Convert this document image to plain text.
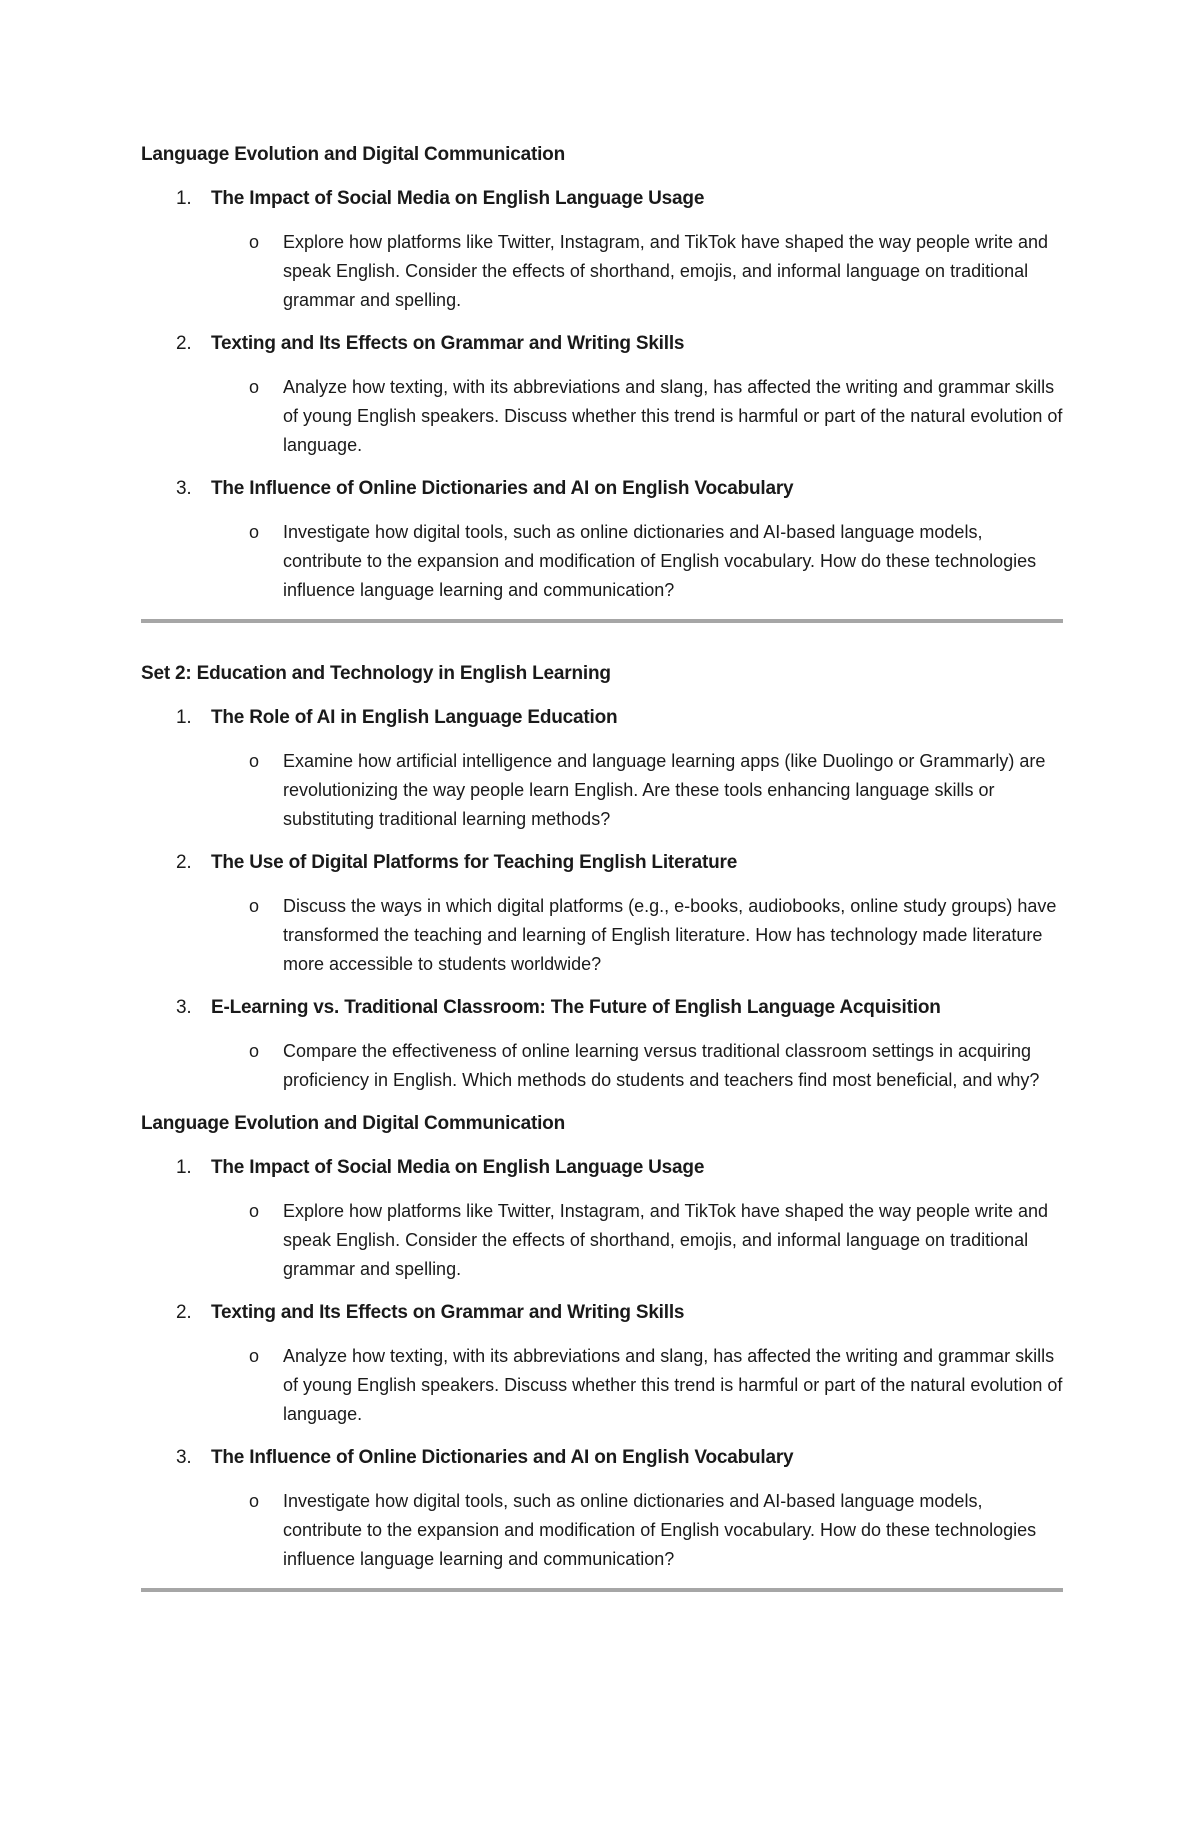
Language Evolution and Digital Communication
1.	The Impact of Social Media on English Language Usage
o	Explore how platforms like Twitter, Instagram, and TikTok have shaped the way people write and speak English. Consider the effects of shorthand, emojis, and informal language on traditional grammar and spelling.
2.	Texting and Its Effects on Grammar and Writing Skills
o	Analyze how texting, with its abbreviations and slang, has affected the writing and grammar skills of young English speakers. Discuss whether this trend is harmful or part of the natural evolution of language.
3.	The Influence of Online Dictionaries and AI on English Vocabulary
o	Investigate how digital tools, such as online dictionaries and AI-based language models, contribute to the expansion and modification of English vocabulary. How do these technologies influence language learning and communication?
Set 2: Education and Technology in English Learning
1.	The Role of AI in English Language Education
o	Examine how artificial intelligence and language learning apps (like Duolingo or Grammarly) are revolutionizing the way people learn English. Are these tools enhancing language skills or substituting traditional learning methods?
2.	The Use of Digital Platforms for Teaching English Literature
o	Discuss the ways in which digital platforms (e.g., e-books, audiobooks, online study groups) have transformed the teaching and learning of English literature. How has technology made literature more accessible to students worldwide?
3.	E-Learning vs. Traditional Classroom: The Future of English Language Acquisition
o	Compare the effectiveness of online learning versus traditional classroom settings in acquiring proficiency in English. Which methods do students and teachers find most beneficial, and why?
Language Evolution and Digital Communication
1.	The Impact of Social Media on English Language Usage
o	Explore how platforms like Twitter, Instagram, and TikTok have shaped the way people write and speak English. Consider the effects of shorthand, emojis, and informal language on traditional grammar and spelling.
2.	Texting and Its Effects on Grammar and Writing Skills
o	Analyze how texting, with its abbreviations and slang, has affected the writing and grammar skills of young English speakers. Discuss whether this trend is harmful or part of the natural evolution of language.
3.	The Influence of Online Dictionaries and AI on English Vocabulary
o	Investigate how digital tools, such as online dictionaries and AI-based language models, contribute to the expansion and modification of English vocabulary. How do these technologies influence language learning and communication?
